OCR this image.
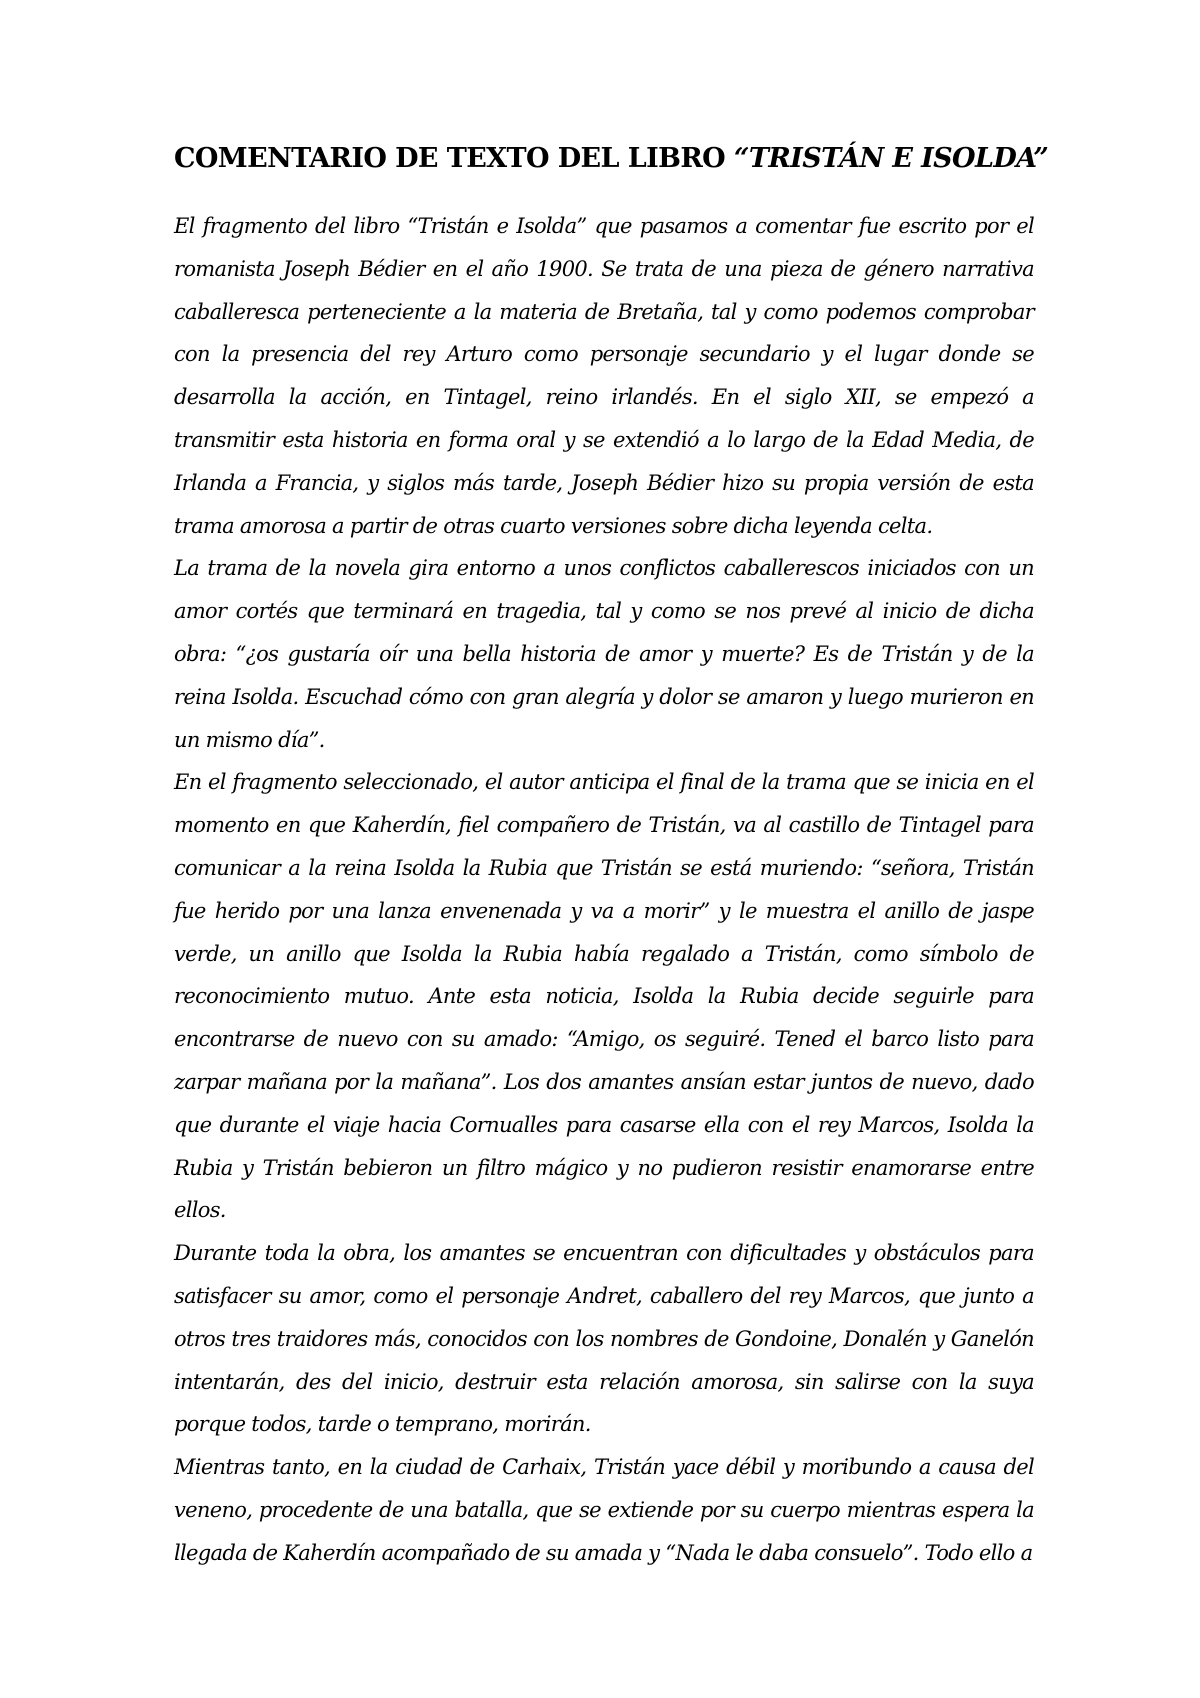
COMENTARIO DE TEXTO DEL LIBRO “TRISTÁN E ISOLDA”

El fragmento del libro “Tristán e Isolda” que pasamos a comentar fue escrito por el romanista Joseph Bédier en el año 1900. Se trata de una pieza de género narrativa caballeresca perteneciente a la materia de Bretaña, tal y como podemos comprobar con la presencia del rey Arturo como personaje secundario y el lugar donde se desarrolla la acción, en Tintagel, reino irlandés. En el siglo XII, se empezó a transmitir esta historia en forma oral y se extendió a lo largo de la Edad Media, de Irlanda a Francia, y siglos más tarde, Joseph Bédier hizo su propia versión de esta trama amorosa a partir de otras cuarto versiones sobre dicha leyenda celta.

La trama de la novela gira entorno a unos conflictos caballerescos iniciados con un amor cortés que terminará en tragedia, tal y como se nos prevé al inicio de dicha obra: “¿os gustaría oír una bella historia de amor y muerte? Es de Tristán y de la reina Isolda. Escuchad cómo con gran alegría y dolor se amaron y luego murieron en un mismo día”.

En el fragmento seleccionado, el autor anticipa el final de la trama que se inicia en el momento en que Kaherdín, fiel compañero de Tristán, va al castillo de Tintagel para comunicar a la reina Isolda la Rubia que Tristán se está muriendo: “señora, Tristán fue herido por una lanza envenenada y va a morir” y le muestra el anillo de jaspe verde, un anillo que Isolda la Rubia había regalado a Tristán, como símbolo de reconocimiento mutuo. Ante esta noticia, Isolda la Rubia decide seguirle para encontrarse de nuevo con su amado: “Amigo, os seguiré. Tened el barco listo para zarpar mañana por la mañana”. Los dos amantes ansían estar juntos de nuevo, dado que durante el viaje hacia Cornualles para casarse ella con el rey Marcos, Isolda la Rubia y Tristán bebieron un filtro mágico y no pudieron resistir enamorarse entre ellos.

Durante toda la obra, los amantes se encuentran con dificultades y obstáculos para satisfacer su amor, como el personaje Andret, caballero del rey Marcos, que junto a otros tres traidores más, conocidos con los nombres de Gondoine, Donalén y Ganelón intentarán, des del inicio, destruir esta relación amorosa, sin salirse con la suya porque todos, tarde o temprano, morirán.

Mientras tanto, en la ciudad de Carhaix, Tristán yace débil y moribundo a causa del veneno, procedente de una batalla, que se extiende por su cuerpo mientras espera la llegada de Kaherdín acompañado de su amada y “Nada le daba consuelo”. Todo ello a
